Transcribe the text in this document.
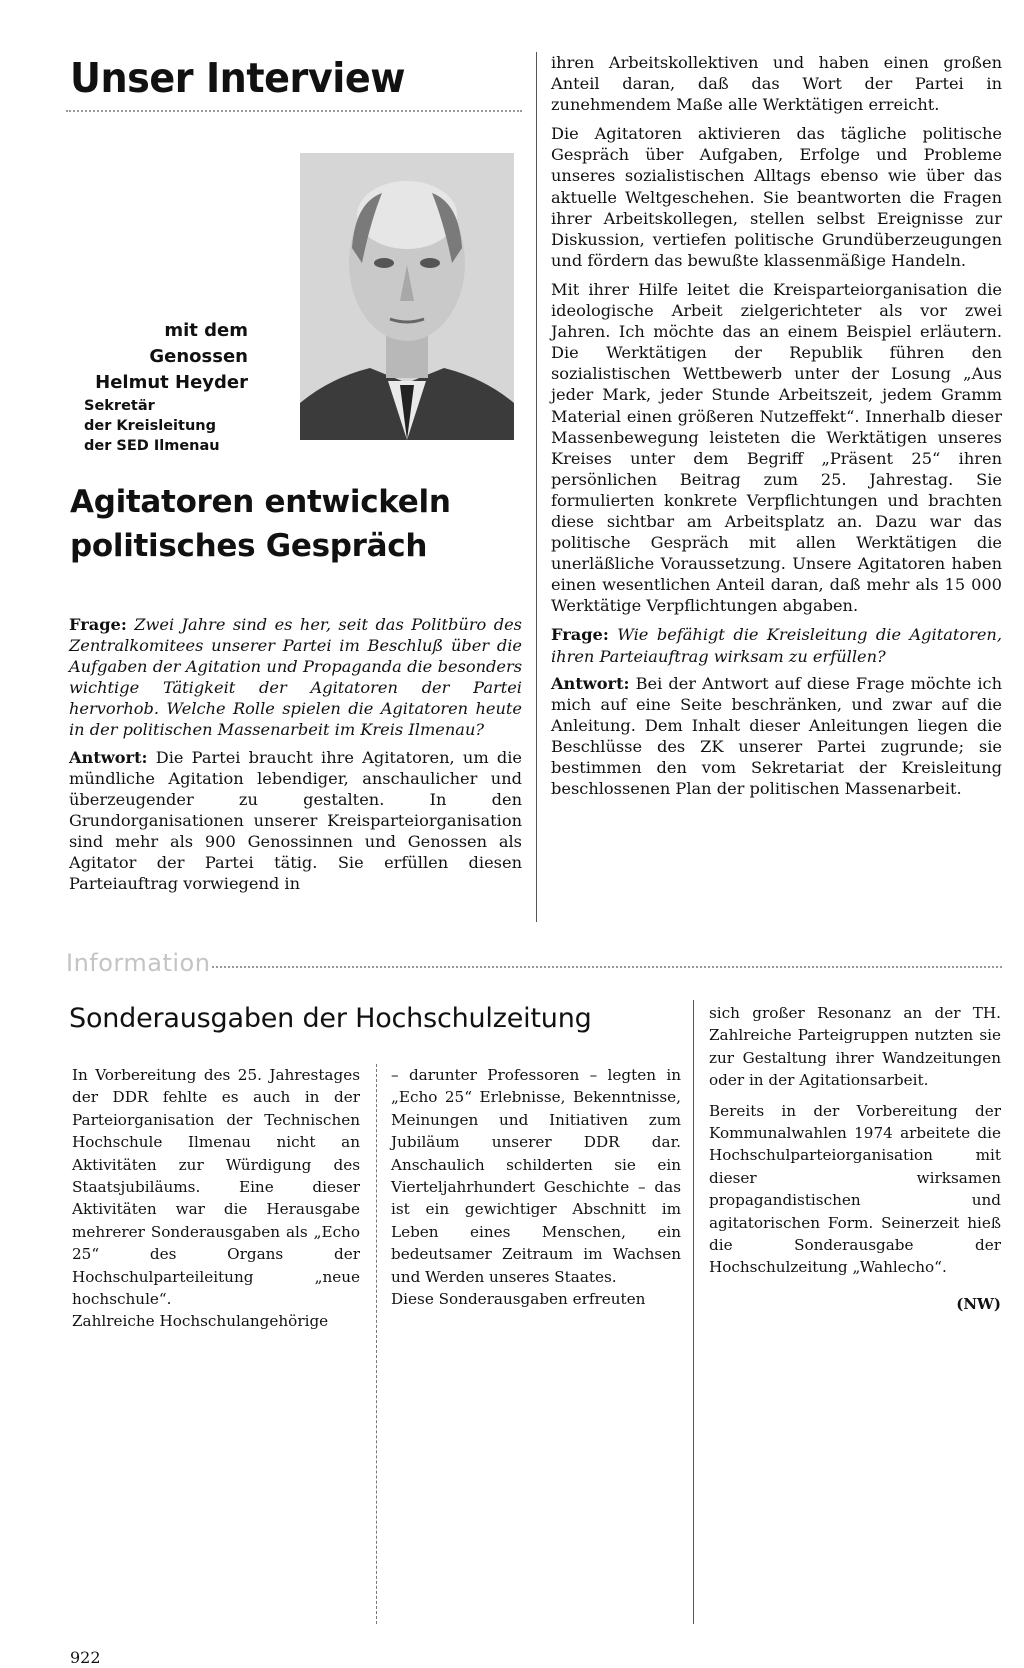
Unser Interview
mit dem Genossen
Helmut Heyder
Sekretär
der Kreisleitung
der SED Ilmenau
Agitatoren entwickeln
politisches Gespräch

Frage: Zwei Jahre sind es her, seit das Politbüro des Zentralkomitees unserer Partei im Beschluß über die Aufgaben der Agitation und Propaganda die besonders wichtige Tätigkeit der Agitatoren der Partei hervorhob. Welche Rolle spielen die Agitatoren heute in der politischen Massenarbeit im Kreis Ilmenau?

Antwort: Die Partei braucht ihre Agitatoren, um die mündliche Agitation lebendiger, anschaulicher und überzeugender zu gestalten. In den Grundorganisationen unserer Kreisparteiorganisation sind mehr als 900 Genossinnen und Genossen als Agitator der Partei tätig. Sie erfüllen diesen Parteiauftrag vorwiegend in

ihren Arbeitskollektiven und haben einen großen Anteil daran, daß das Wort der Partei in zunehmendem Maße alle Werktätigen erreicht.

Die Agitatoren aktivieren das tägliche politische Gespräch über Aufgaben, Erfolge und Probleme unseres sozialistischen Alltags ebenso wie über das aktuelle Weltgeschehen. Sie beantworten die Fragen ihrer Arbeitskollegen, stellen selbst Ereignisse zur Diskussion, vertiefen politische Grundüberzeugungen und fördern das bewußte klassenmäßige Handeln.

Mit ihrer Hilfe leitet die Kreisparteiorganisation die ideologische Arbeit zielgerichteter als vor zwei Jahren. Ich möchte das an einem Beispiel erläutern. Die Werktätigen der Republik führen den sozialistischen Wettbewerb unter der Losung „Aus jeder Mark, jeder Stunde Arbeitszeit, jedem Gramm Material einen größeren Nutzeffekt“. Innerhalb dieser Massenbewegung leisteten die Werktätigen unseres Kreises unter dem Begriff „Präsent 25“ ihren persönlichen Beitrag zum 25. Jahrestag. Sie formulierten konkrete Verpflichtungen und brachten diese sichtbar am Arbeitsplatz an. Dazu war das politische Gespräch mit allen Werktätigen die unerläßliche Voraussetzung. Unsere Agitatoren haben einen wesentlichen Anteil daran, daß mehr als 15 000 Werktätige Verpflichtungen abgaben.

Frage: Wie befähigt die Kreisleitung die Agitatoren, ihren Parteiauftrag wirksam zu erfüllen?

Antwort: Bei der Antwort auf diese Frage möchte ich mich auf eine Seite beschränken, und zwar auf die Anleitung. Dem Inhalt dieser Anleitungen liegen die Beschlüsse des ZK unserer Partei zugrunde; sie bestimmen den vom Sekretariat der Kreisleitung beschlossenen Plan der politischen Massenarbeit.

Information
Sonderausgaben der Hochschulzeitung

In Vorbereitung des 25. Jahrestages der DDR fehlte es auch in der Parteiorganisation der Technischen Hochschule Ilmenau nicht an Aktivitäten zur Würdigung des Staatsjubiläums. Eine dieser Aktivitäten war die Herausgabe mehrerer Sonderausgaben als „Echo 25“ des Organs der Hochschulparteileitung „neue hochschule“.

Zahlreiche Hochschulangehörige

– darunter Professoren – legten in „Echo 25“ Erlebnisse, Bekenntnisse, Meinungen und Initiativen zum Jubiläum unserer DDR dar. Anschaulich schilderten sie ein Vierteljahrhundert Geschichte – das ist ein gewichtiger Abschnitt im Leben eines Menschen, ein bedeutsamer Zeitraum im Wachsen und Werden unseres Staates.

Diese Sonderausgaben erfreuten

sich großer Resonanz an der TH. Zahlreiche Parteigruppen nutzten sie zur Gestaltung ihrer Wandzeitungen oder in der Agitationsarbeit.

Bereits in der Vorbereitung der Kommunalwahlen 1974 arbeitete die Hochschulparteiorganisation mit dieser wirksamen propagandistischen und agitatorischen Form. Seinerzeit hieß die Sonderausgabe der Hochschulzeitung „Wahlecho“.

(NW)
922
